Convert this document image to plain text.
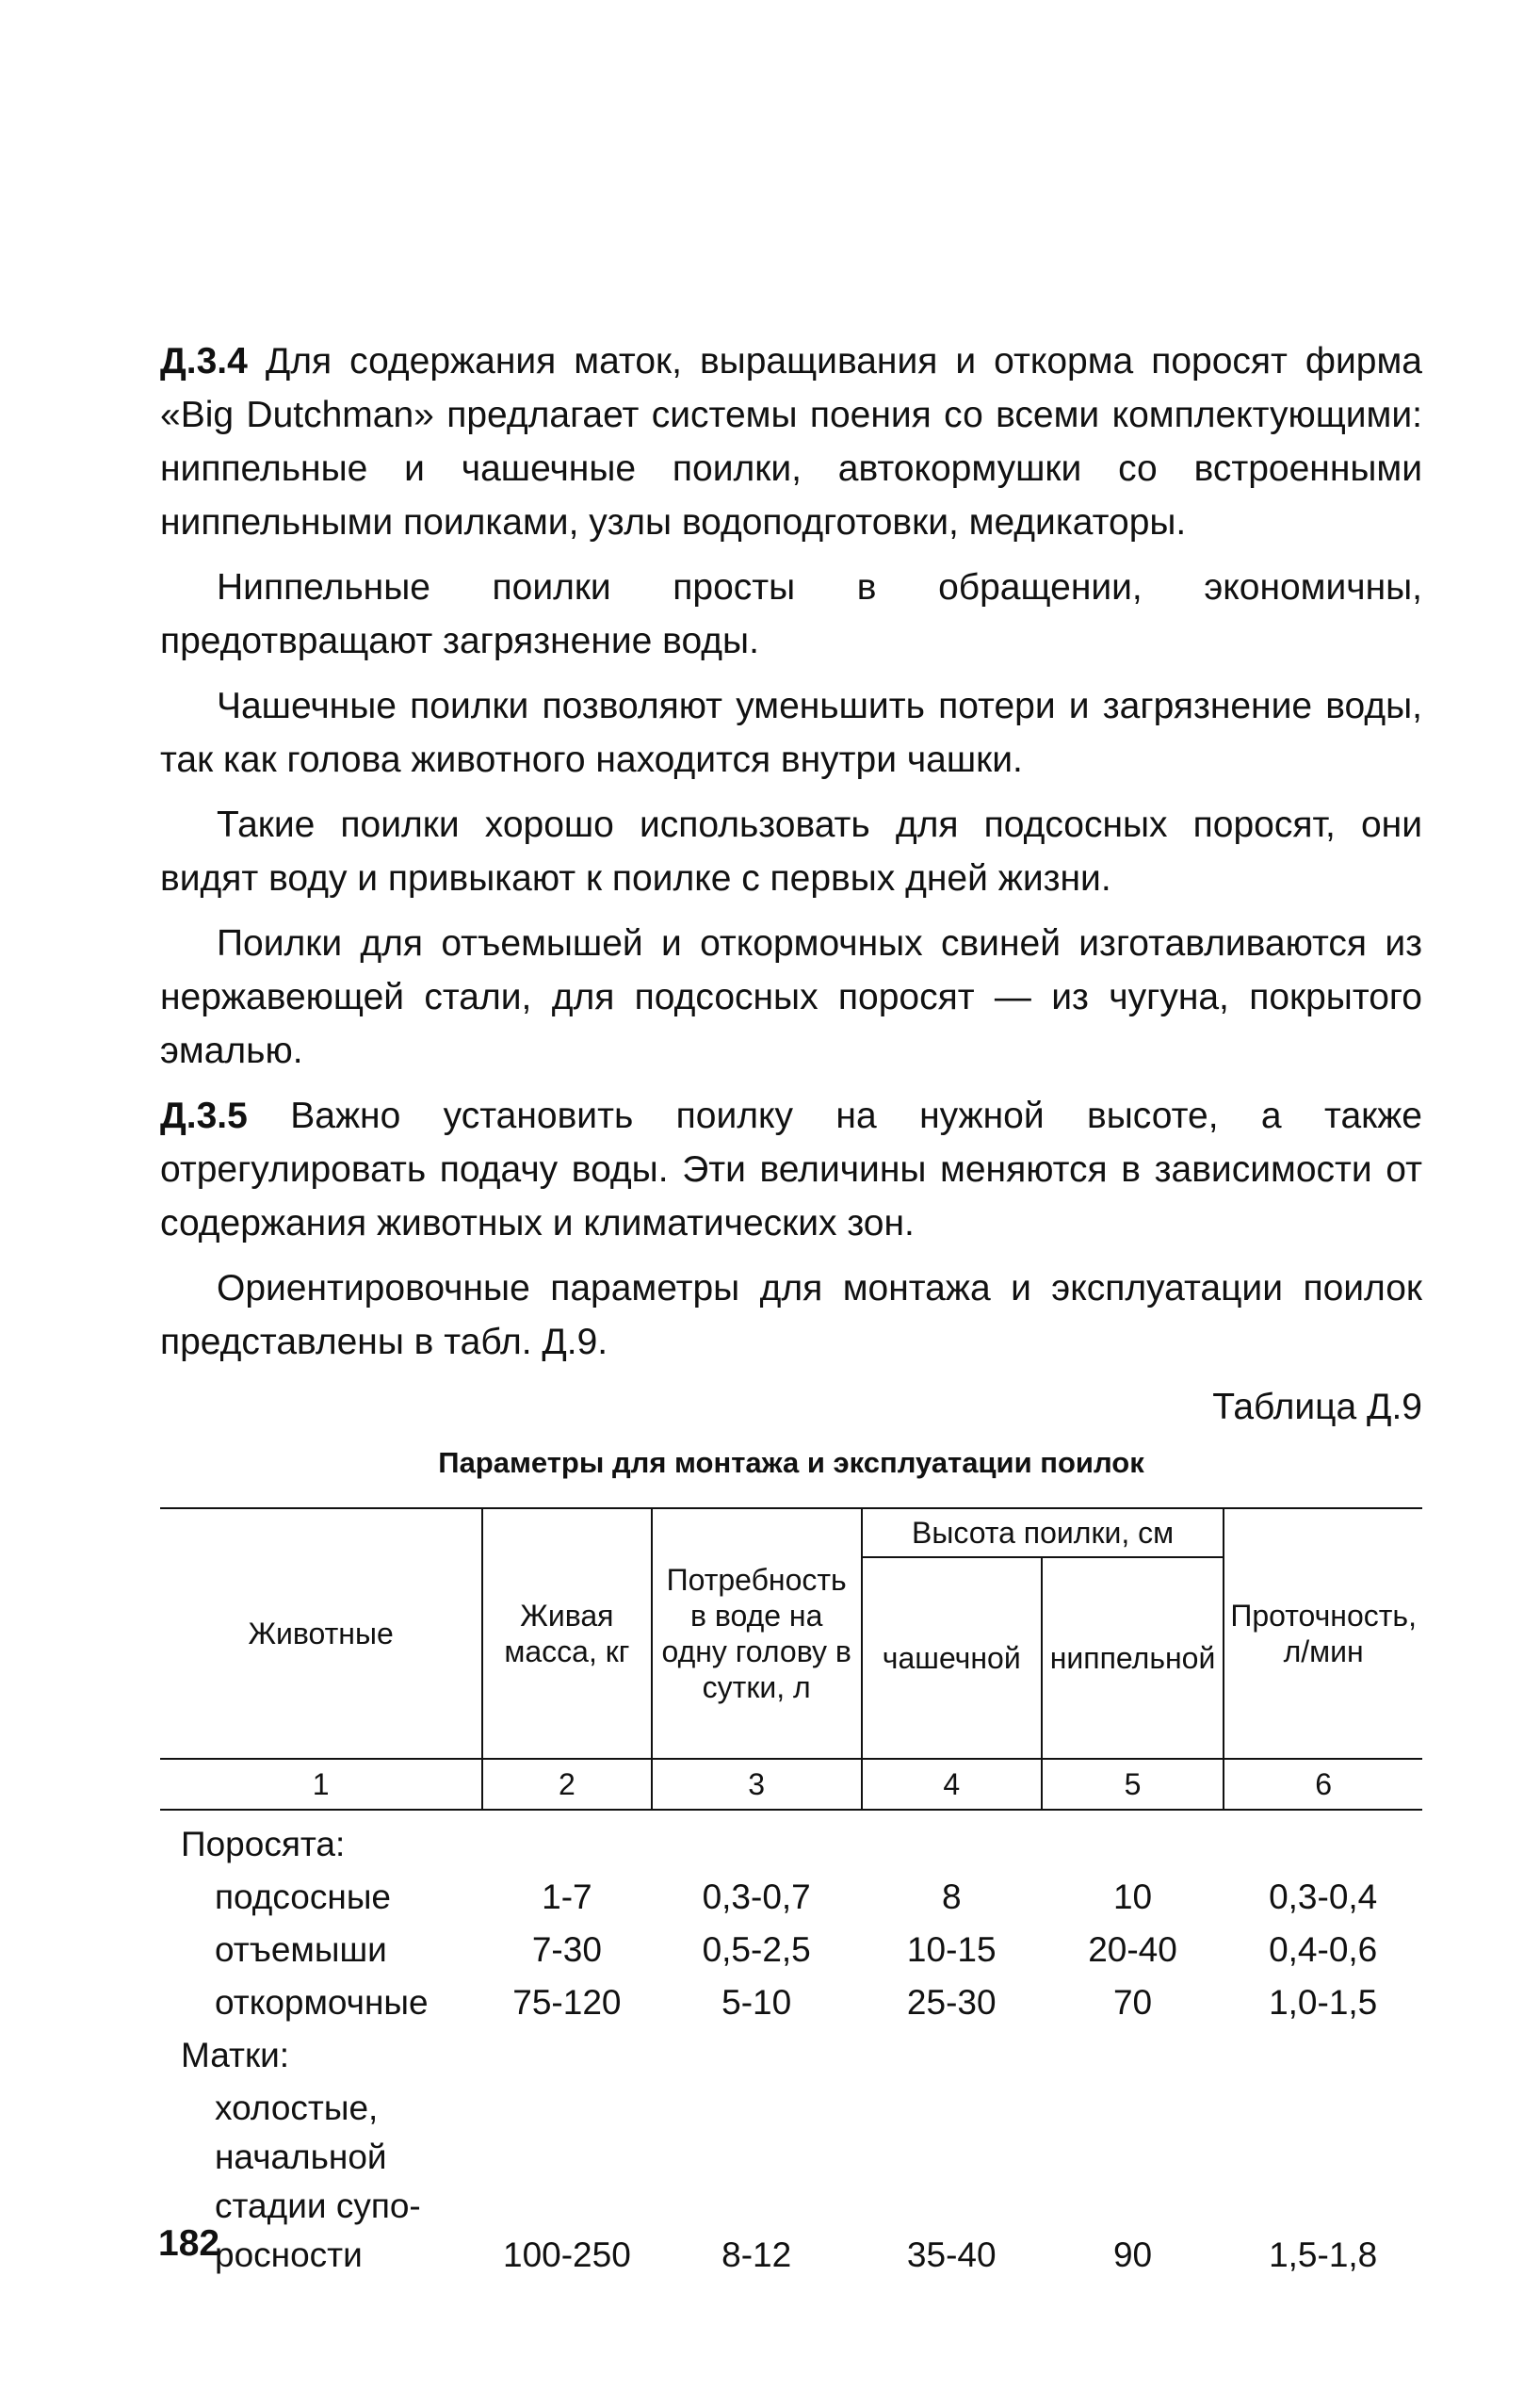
Д.3.4 Для содержания маток, выращивания и откорма поросят фирма «Big Dutchman» предлагает системы поения со всеми комплектующими: ниппельные и чашечные поилки, автокормушки со встроенными ниппельными поилками, узлы водоподготовки, медикаторы.

Ниппельные поилки просты в обращении, экономичны, предотвращают загрязнение воды.

Чашечные поилки позволяют уменьшить потери и загрязнение воды, так как голова животного находится внутри чашки.

Такие поилки хорошо использовать для подсосных поросят, они видят воду и привыкают к поилке с первых дней жизни.

Поилки для отъемышей и откормочных свиней изготавливаются из нержавеющей стали, для подсосных поросят — из чугуна, покрытого эмалью.

Д.3.5 Важно установить поилку на нужной высоте, а также отрегулировать подачу воды. Эти величины меняются в зависимости от содержания животных и климатических зон.

Ориентировочные параметры для монтажа и эксплуатации поилок представлены в табл. Д.9.

Таблица Д.9
Параметры для монтажа и эксплуатации поилок
Животные	Живая масса, кг	Потребность в воде на одну голову в сутки, л	Высота поилки, см		Проточность, л/мин
			чашечной	ниппельной	
1	2	3	4	5	6
Поросята:					
подсосные	1-7	0,3-0,7	8	10	0,3-0,4
отъемыши	7-30	0,5-2,5	10-15	20-40	0,4-0,6
откормочные	75-120	5-10	25-30	70	1,0-1,5
Матки:					

холостые,
начальной
стадии супо-
росности	100-250	8-12	35-40	90	1,5-1,8
182
